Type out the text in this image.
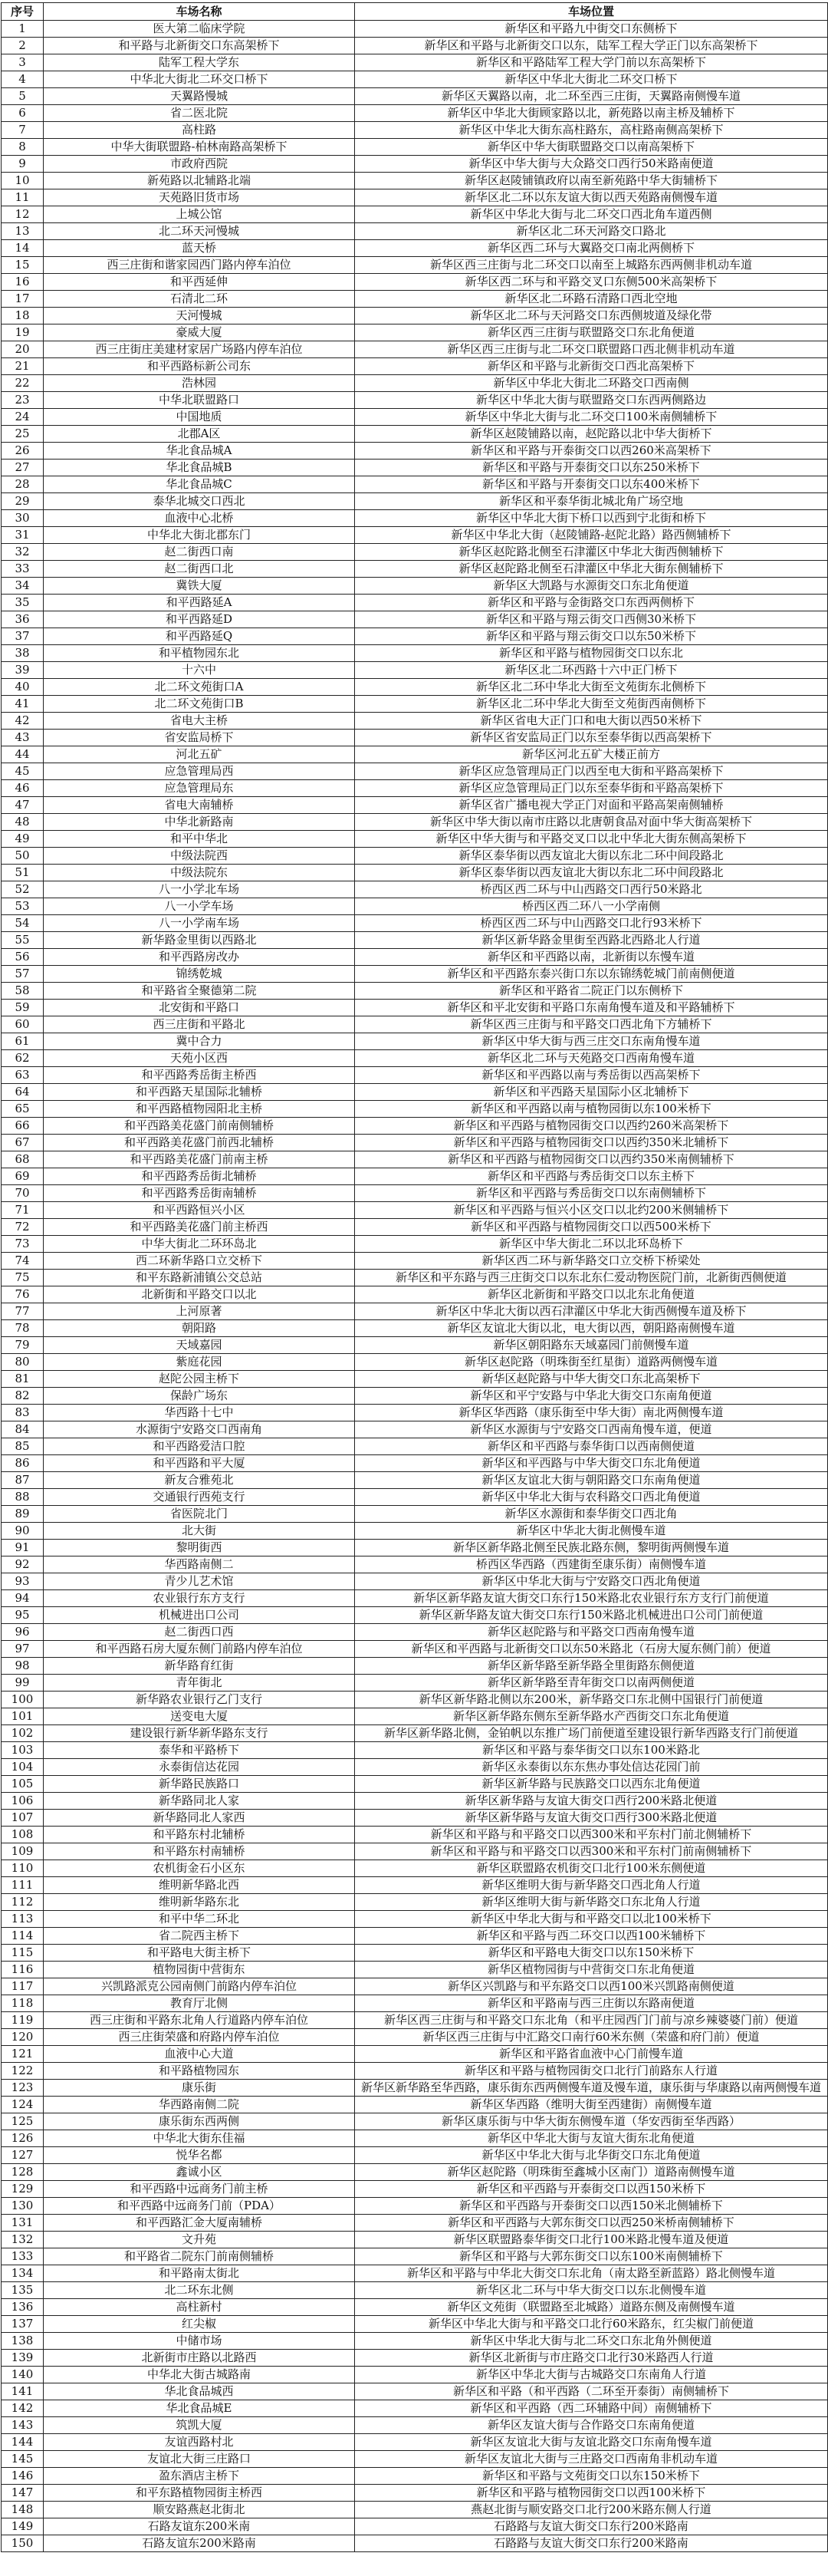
序号	车场名称	车场位置
1	医大第二临床学院	新华区和平路九中街交口东侧桥下
2	和平路与北新街交口东高架桥下	新华区和平路与北新街交口以东，陆军工程大学正门以东高架桥下
3	陆军工程大学东	新华区和平路陆军工程大学门前以东高架桥下
4	中华北大街北二环交口桥下	新华区中华北大街北二环交口桥下
5	天翼路慢城	新华区天翼路以南，北二环至西三庄街，天翼路南侧慢车道
6	省二医北院	新华区中华北大街顾家路以北，新苑路以南主桥及辅桥下
7	高柱路	新华区中华北大街东高柱路东，高柱路南侧高架桥下
8	中华大街联盟路-柏林南路高架桥下	新华区中华大街联盟路交口以南高架桥下
9	市政府西院	新华区中华大街与大众路交口西行50米路南便道
10	新苑路以北辅路北端	新华区赵陵铺镇政府以南至新苑路中华大街辅桥下
11	天苑路旧货市场	新华区北二环以东友谊大街以西天苑路南侧慢车道
12	上城公馆	新华区中华北大街与北二环交口西北角车道西侧
13	北二环天河慢城	新华区北二环天河路交口路北
14	蓝天桥	新华区西二环与大翼路交口南北两侧桥下
15	西三庄街和谐家园西门路内停车泊位	新华区西三庄街与北二环交口以南至上城路东西两侧非机动车道
16	和平西延伸	新华区西二环与和平路交叉口东侧500米高架桥下
17	石清北二环	新华区北二环路石清路口西北空地
18	天河慢城	新华区北二环与天河路交口东西侧坡道及绿化带
19	豪威大厦	新华区西三庄街与联盟路交口东北角便道
20	西三庄街庄美建材家居广场路内停车泊位	新华区西三庄街与北二环交口联盟路口西北侧非机动车道
21	和平西路标新公司东	新华区和平路与北新街交口西北高架桥下
22	浩林园	新华区中华北大街北二环路交口西南侧
23	中华北联盟路口	新华区中华北大街与联盟路交口东西两侧路边
24	中国地质	新华区中华北大街与北二环交口100米南侧辅桥下
25	北郡A区	新华区赵陵铺路以南，赵陀路以北中华大街桥下
26	华北食品城A	新华区和平路与开泰街交口以西260米高架桥下
27	华北食品城B	新华区和平路与开泰街交口以东250米桥下
28	华北食品城C	新华区和平路与开泰街交口以东400米桥下
29	泰华北城交口西北	新华区和平泰华街北城北角广场空地
30	血液中心北桥	新华区中华北大街下桥口以西到宁北街和桥下
31	中华北大街北郡东门	新华区中华北大街（赵陵铺路-赵陀北路）路西侧辅桥下
32	赵二街西口南	新华区赵陀路北侧至石津灌区中华北大街西侧辅桥下
33	赵二街西口北	新华区赵陀路北侧至石津灌区中华北大街东侧辅桥下
34	冀铁大厦	新华区大凯路与水源街交口东北角便道
35	和平西路延A	新华区和平路与金街路交口东西两侧桥下
36	和平西路延D	新华区和平路与翔云街交口西侧30米桥下
37	和平西路延Q	新华区和平路与翔云街交口以东50米桥下
38	和平植物园东北	新华区和平路与植物园街交口以东北
39	十六中	新华区北二环西路十六中正门桥下
40	北二环文苑街口A	新华区北二环中华北大街至文苑街东北侧桥下
41	北二环文苑街口B	新华区北二环中华北大街至文苑街西南侧桥下
42	省电大主桥	新华区省电大正门口和电大街以西50米桥下
43	省安监局桥下	新华区省安监局正门以东至泰华街以西高架桥下
44	河北五矿	新华区河北五矿大楼正前方
45	应急管理局西	新华区应急管理局正门以西至电大街和平路高架桥下
46	应急管理局东	新华区应急管理局正门以东至泰华街和平路高架桥下
47	省电大南辅桥	新华区省广播电视大学正门对面和平路高架南侧辅桥
48	中华北新路南	新华区中华大街以南市庄路以北唐朝食品对面中华大街高架桥下
49	和平中华北	新华区中华大街与和平路交叉口以北中华北大街东侧高架桥下
50	中级法院西	新华区泰华街以西友谊北大街以东北二环中间段路北
51	中级法院东	新华区泰华街以西友谊北大街以东北二环中间段路北
52	八一小学北车场	桥西区西二环与中山西路交口西行50米路北
53	八一小学车场	桥西区西二环八一小学南侧
54	八一小学南车场	桥西区西二环与中山西路交口北行93米桥下
55	新华路金里街以西路北	新华区新华路金里街至西路北西路北人行道
56	和平西路房改办	新华区和平西路以南，北新街以东慢车道
57	锦绣乾城	新华区和平西路东泰兴街口东以东锦绣乾城门前南侧便道
58	和平路省全聚德第二院	新华区和平路省二院正门以东侧桥下
59	北安街和平路口	新华区和平北安街和平路口东南角慢车道及和平路辅桥下
60	西三庄街和平路北	新华区西三庄街与和平路交口西北角下方辅桥下
61	冀中合力	新华区中华大街与西三庄交口东南角慢车道
62	天苑小区西	新华区北二环与天苑路交口西南角慢车道
63	和平西路秀岳街主桥西	新华区和平西路以南与秀岳街以西高架桥下
64	和平西路天星国际北辅桥	新华区和平西路天星国际小区北辅桥下
65	和平西路植物园阳北主桥	新华区和平西路以南与植物园街以东100米桥下
66	和平西路美花盛门前南侧辅桥	新华区和平西路与植物园街交口以西约260米高架桥下
67	和平西路美花盛门前西北辅桥	新华区和平西路与植物园街交口以西约350米北辅桥下
68	和平西路美花盛门前南主桥	新华区和平西路与植物园街交口以西约350米南侧辅桥下
69	和平西路秀岳街北辅桥	新华区和平西路与秀岳街交口以东主桥下
70	和平西路秀岳街南辅桥	新华区和平西路与秀岳街交口以东南侧辅桥下
71	和平西路恒兴小区	新华区和平西路与恒兴小区交口以北约200米侧辅桥下
72	和平西路美花盛门前主桥西	新华区和平西路与植物园街交口以西500米桥下
73	中华大街北二环环岛北	新华区中华大街北二环以北环岛桥下
74	西二环新华路口立交桥下	新华区西二环与新华路交口立交桥下桥梁处
75	和平东路新浦镇公交总站	新华区和平东路与西三庄街交口以东北东仁爱动物医院门前，北新街西侧便道
76	北新街和平路交口以北	新华区北新街和平路交口以北东北角便道
77	上河原著	新华区中华北大街以西石津灌区中华北大街西侧慢车道及桥下
78	朝阳路	新华区友谊北大街以北，电大街以西，朝阳路南侧慢车道
79	天域嘉园	新华区朝阳路东天域嘉园门前侧慢车道
80	紫庭花园	新华区赵陀路（明珠街至红星街）道路两侧慢车道
81	赵陀公园主桥下	新华区赵陀路与中华大街交口东北高架桥下
82	保龄广场东	新华区和平宁安路与中华北大街交口东南角便道
83	华西路十七中	新华区华西路（康乐街至中华大街）南北两侧慢车道
84	水源街宁安路交口西南角	新华区水源街与宁安路交口西南角慢车道，便道
85	和平西路爱洁口腔	新华区和平西路与泰华街口以西南侧便道
86	和平西路和平大厦	新华区和平西路与中华大街交口东北角便道
87	新友合雅苑北	新华区友谊北大街与朝阳路交口东南角便道
88	交通银行西苑支行	新华区中华北大街与农科路交口西北角便道
89	省医院北门	新华区水源街和泰华街交口西北角
90	北大街	新华区中华北大街北侧慢车道
91	黎明街西	新华区新华路北侧至民族北路东侧，黎明街两侧慢车道
92	华西路南侧二	桥西区华西路（西建街至康乐街）南侧慢车道
93	青少儿艺术馆	新华区中华北大街与宁安路交口西北角便道
94	农业银行东方支行	新华区新华路友谊大街交口东行150米路北农业银行东方支行门前便道
95	机械进出口公司	新华区新华路友谊大街交口东行150米路北机械进出口公司门前便道
96	赵二街西口西	新华区赵陀路与和平路交口西南角慢车道
97	和平西路石房大厦东侧门前路内停车泊位	新华区和平西路与北新街交口以东50米路北（石房大厦东侧门前）便道
98	新华路育红街	新华区新华路至新华路全里街路东侧便道
99	青年街北	新华区新华路至青年街交口以南两侧便道
100	新华路农业银行乙门支行	新华区新华路北侧以东200米，新华路交口东北侧中国银行门前便道
101	送变电大厦	新华区新华路东侧东至新华路水产西街交口东北角便道
102	建设银行新华新华路东支行	新华区新华路北侧，金铂帆以东推广场门前便道至建设银行新华西路支行门前便道
103	泰华和平路桥下	新华区和平路与泰华街交口以东100米路北
104	永泰街信达花园	新华区永泰街以东东焦办事处信达花园门前
105	新华路民族路口	新华区新华路与民族路交口以西东北角便道
106	新华路同北人家	新华区新华路与友谊大街交口西行200米路北便道
107	新华路同北人家西	新华区新华路与友谊大街交口西行300米路北便道
108	和平路东村北辅桥	新华区和平路与和平路交口以西300米和平东村门前北侧辅桥下
109	和平路东村南辅桥	新华区和平路与和平路交口以西300米和平东村门前南侧辅桥下
110	农机街金石小区东	新华区联盟路农机街交口北行100米东侧便道
111	维明新华路北西	新华区维明大街与新华路交口西北角人行道
112	维明新华路东北	新华区维明大街与新华路交口东北角人行道
113	和平中华二环北	新华区中华北大街与和平路交口以北100米桥下
114	省二院西主桥下	新华区和平路与西二环交口以西100米辅桥下
115	和平路电大街主桥下	新华区和平路电大街交口以东150米桥下
116	植物园街中营街东	新华区植物园街与中营街交口东北角便道
117	兴凯路派克公园南侧门前路内停车泊位	新华区兴凯路与和平东路交口以西100米兴凯路南侧便道
118	教育厅北侧	新华区和平路南与西三庄街以东路南便道
119	西三庄街和平路东北角人行道路内停车泊位	新华区西三庄街与和平路交口东北角（和平庄园西门门前与凉乡辣婆婆门前）便道
120	西三庄街荣盛和府路内停车泊位	新华区西三庄街与中汇路交口南行60米东侧（荣盛和府门前）便道
121	血液中心大道	新华区和平路省血液中心门前慢车道
122	和平路植物园东	新华区和平路与植物园街交口北行门前路东人行道
123	康乐街	新华区新华路至华西路，康乐街东西两侧慢车道及慢车道，康乐街与华康路以南两侧慢车道
124	华西路南侧二院	新华区华西路（维明大街至西建街）南侧慢车道
125	康乐街东西两侧	新华区康乐街与中华大街东侧慢车道（华安西街至华西路）
126	中华北大街东佳福	新华区中华北大街与友谊大街东北角便道
127	悦华名都	新华区中华北大街与北华街交口东北角便道
128	鑫诚小区	新华区赵陀路（明珠街至鑫城小区南门）道路南侧慢车道
129	和平西路中远商务门前主桥	新华区和平西路与开泰街交口以西150米桥下
130	和平西路中远商务门前（PDA）	新华区和平西路与开泰街交口以西150米北侧辅桥下
131	和平西路汇金大厦南辅桥	新华区和平西路与大郭东街交口以西250米桥南侧辅桥下
132	文升苑	新华区联盟路泰华街交口北行100米路北慢车道及便道
133	和平路省二院东门前南侧辅桥	新华区和平路与大郭东街交口以东100米南侧辅桥下
134	和平路南太街北	新华区和平路与中华北大街交口东北角（南太路至新蓝路）路北侧慢车道
135	北二环东北侧	新华区北二环与中华大街交口以东北侧慢车道
136	高柱新村	新华区文苑街（联盟路至北城路）道路东侧及南侧慢车道
137	红尖椒	新华区中华北大街与和平路交口北行60米路东，红尖椒门前便道
138	中储市场	新华区中华北大街与北二环交口东北角外侧便道
139	北新街市庄路以北路西	新华区北新街与市庄路交口北行30米路西人行道
140	中华北大街古城路南	新华区中华北大街与古城路交口东南角人行道
141	华北食品城西	新华区和平路（和平西路（二环至开泰街）南侧辅桥下
142	华北食品城E	新华区和平西路（西二环辅路中间）南侧辅桥下
143	筑凯大厦	新华区友谊大街与合作路交口东南角便道
144	友谊西路村北	新华区友谊北大街与友谊北路交口东南角慢车道
145	友谊北大街三庄路口	新华区友谊北大街与三庄路交口西南角非机动车道
146	盈东酒店主桥下	新华区和平路与文苑街交口以东150米桥下
147	和平东路植物园街主桥西	新华区和平路与植物园街交口以西100米桥下
148	顺安路燕赵北街北	燕赵北街与顺安路交口北行200米路东侧人行道
149	石路友谊东200米南	石路路与友谊大街交口东行200米路南
150	石路友谊东200米路南	石路路与友谊大街交口东行200米路南
